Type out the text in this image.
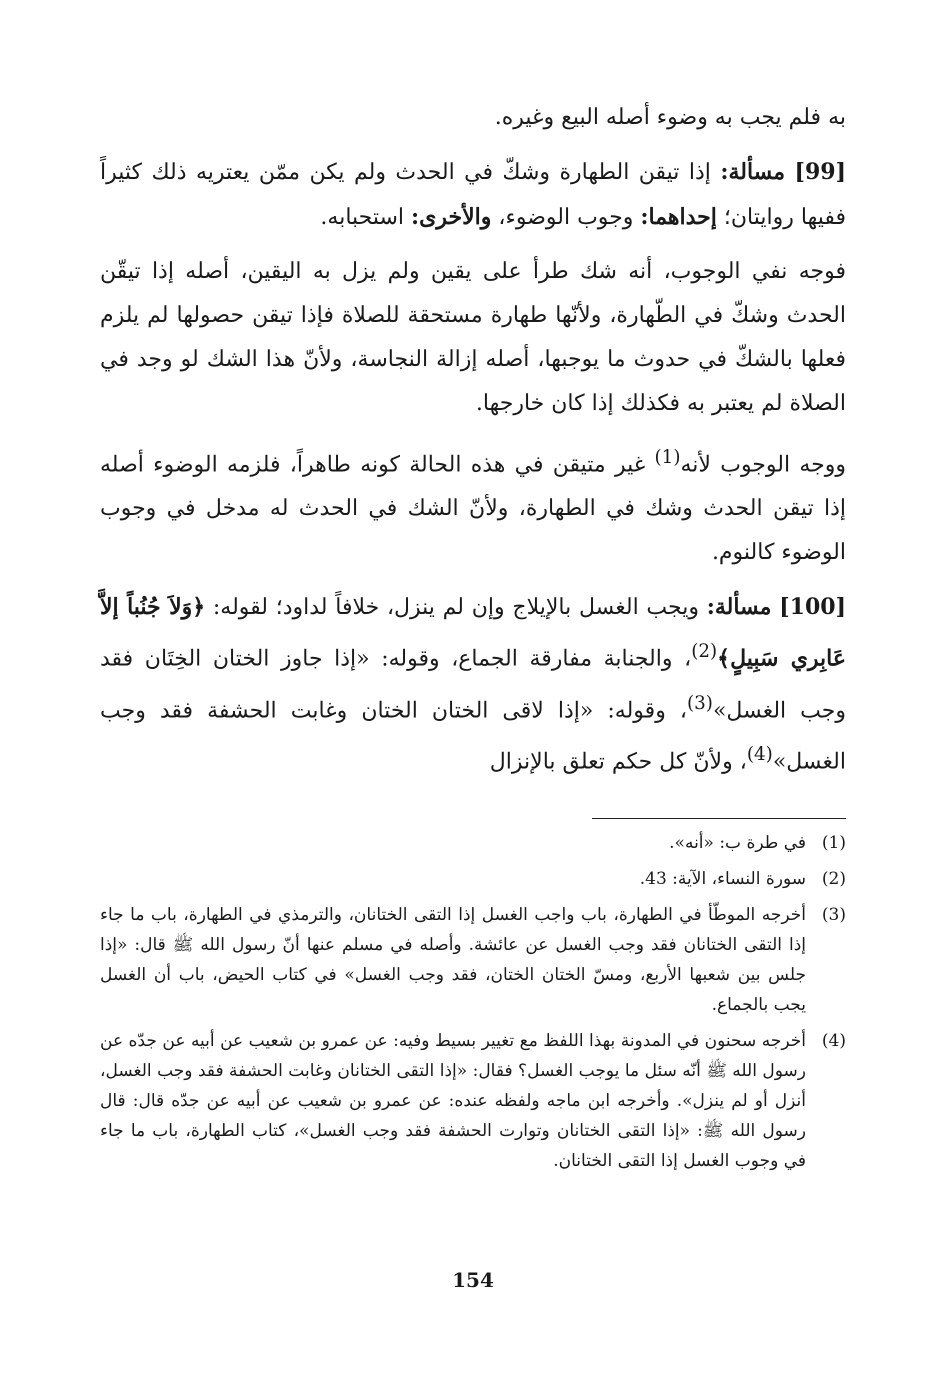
به فلم يجب به وضوء أصله البيع وغيره.

[99] مسألة: إذا تيقن الطهارة وشكّ في الحدث ولم يكن ممّن يعتريه ذلك كثيراً ففيها روايتان؛ إحداهما: وجوب الوضوء، والأخرى: استحبابه.

فوجه نفي الوجوب، أنه شك طرأ على يقين ولم يزل به اليقين، أصله إذا تيقّن الحدث وشكّ في الطّهارة، ولأنّها طهارة مستحقة للصلاة فإذا تيقن حصولها لم يلزم فعلها بالشكّ في حدوث ما يوجبها، أصله إزالة النجاسة، ولأنّ هذا الشك لو وجد في الصلاة لم يعتبر به فكذلك إذا كان خارجها.

ووجه الوجوب لأنه$^{(1)}$ غير متيقن في هذه الحالة كونه طاهراً، فلزمه الوضوء أصله إذا تيقن الحدث وشك في الطهارة، ولأنّ الشك في الحدث له مدخل في وجوب الوضوء كالنوم.

[100] مسألة: ويجب الغسل بالإيلاج وإن لم ينزل، خلافاً لداود؛ لقوله: ﴿وَلاَ جُنُباً إلاَّ عَابِري سَبِيلٍ﴾$^{(2)}$، والجنابة مفارقة الجماع، وقوله: «إذا جاوز الختان الخِتَان فقد وجب الغسل»$^{(3)}$، وقوله: «إذا لاقى الختان الختان وغابت الحشفة فقد وجب الغسل»$^{(4)}$، ولأنّ كل حكم تعلق بالإنزال

(1)
في طرة ب: «أنه».
(2)
سورة النساء، الآية: 43.
(3)
أخرجه الموطّأ في الطهارة، باب واجب الغسل إذا التقى الختانان، والترمذي في الطهارة، باب ما جاء إذا التقى الختانان فقد وجب الغسل عن عائشة. وأصله في مسلم عنها أنّ رسول الله ﷺ قال: «إذا جلس بين شعبها الأربع، ومسّ الختان الختان، فقد وجب الغسل» في كتاب الحيض، باب أن الغسل يجب بالجماع.
(4)
أخرجه سحنون في المدونة بهذا اللفظ مع تغيير بسيط وفيه: عن عمرو بن شعيب عن أبيه عن جدّه عن رسول الله ﷺ أنّه سئل ما يوجب الغسل؟ فقال: «إذا التقى الختانان وغابت الحشفة فقد وجب الغسل، أنزل أو لم ينزل». وأخرجه ابن ماجه ولفظه عنده: عن عمرو بن شعيب عن أبيه عن جدّه قال: قال رسول الله ﷺ: «إذا التقى الختانان وتوارت الحشفة فقد وجب الغسل»، كتاب الطهارة، باب ما جاء في وجوب الغسل إذا التقى الختانان.
154
